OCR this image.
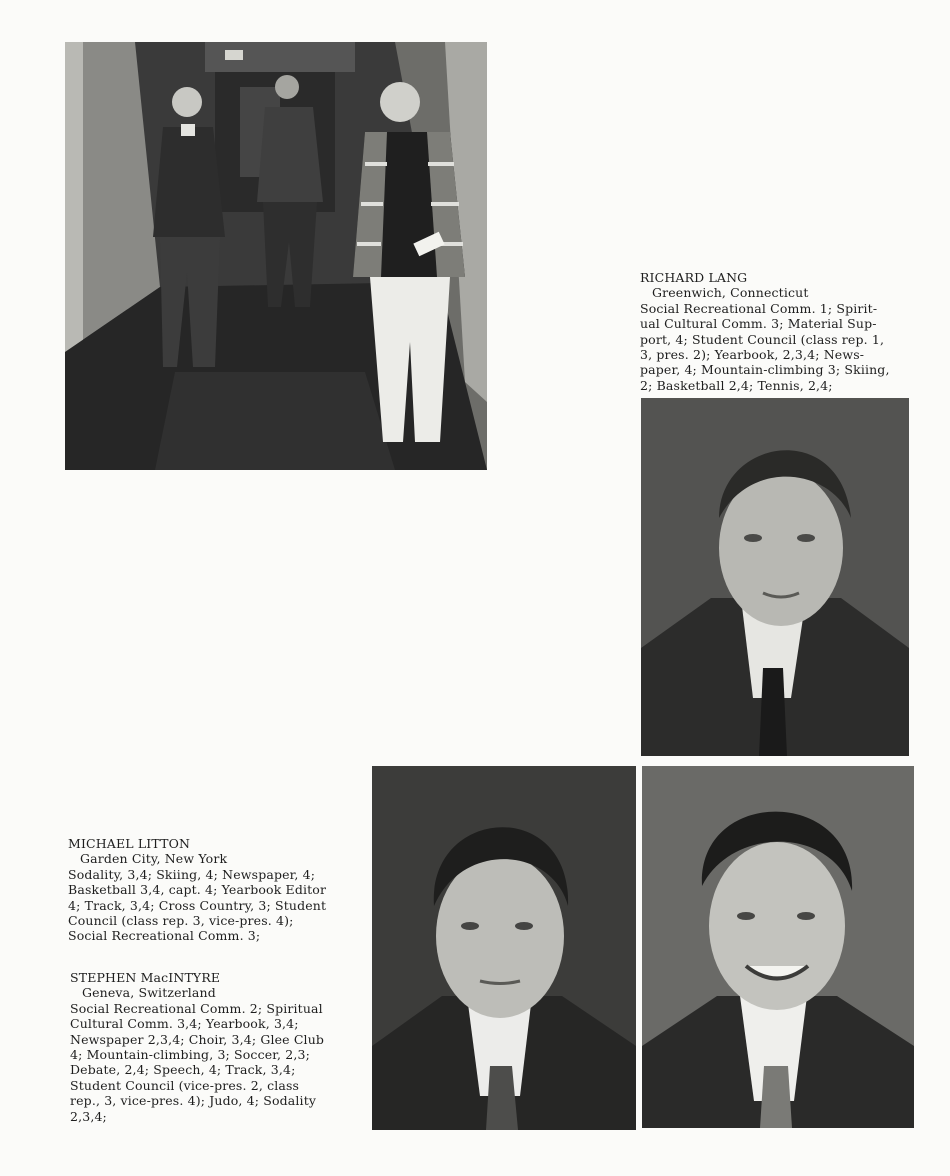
RICHARD LANG
Greenwich, Connecticut
Social Recreational Comm. 1; Spirit-
ual Cultural Comm. 3; Material Sup-
port, 4; Student Council (class rep. 1,
3, pres. 2); Yearbook, 2,3,4; News-
paper, 4; Mountain-climbing 3; Skiing,
2; Basketball 2,4; Tennis, 2,4;
MICHAEL LITTON
Garden City, New York
Sodality, 3,4; Skiing, 4; Newspaper, 4;
Basketball 3,4, capt. 4; Yearbook Editor
4; Track, 3,4; Cross Country, 3; Student
Council (class rep. 3, vice-pres. 4);
Social Recreational Comm. 3;
STEPHEN MacINTYRE
Geneva, Switzerland
Social Recreational Comm. 2; Spiritual
Cultural Comm. 3,4; Yearbook, 3,4;
Newspaper 2,3,4; Choir, 3,4; Glee Club
4; Mountain-climbing, 3; Soccer, 2,3;
Debate, 2,4; Speech, 4; Track, 3,4;
Student Council (vice-pres. 2, class
rep., 3, vice-pres. 4); Judo, 4; Sodality
2,3,4;
